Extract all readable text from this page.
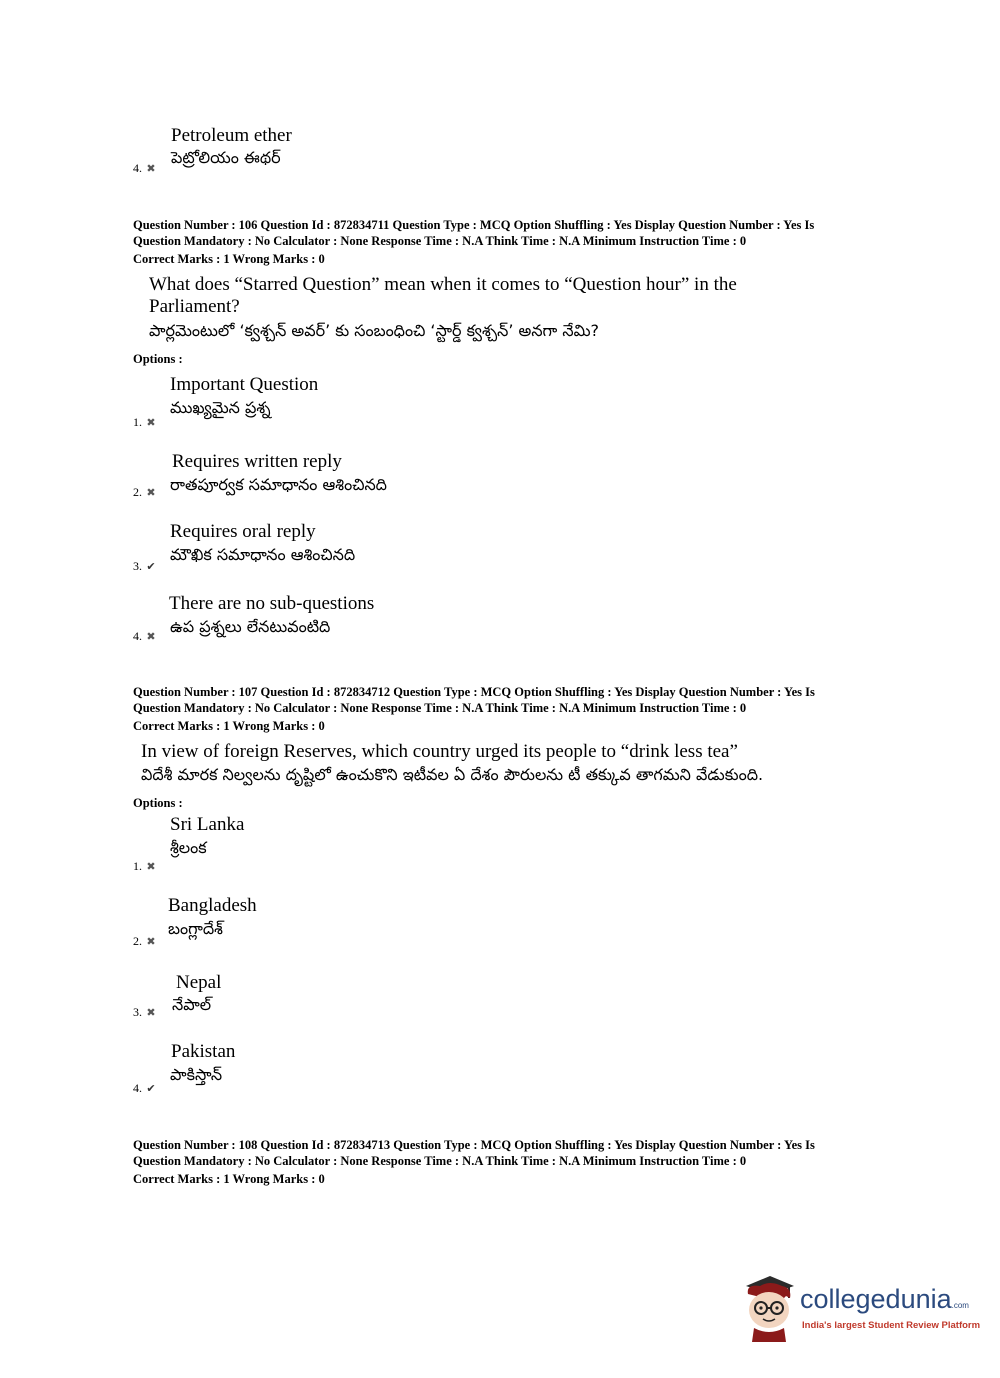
Petroleum ether
పెట్రోలియం ఈథర్
4. ✖
Question Number : 106 Question Id : 872834711 Question Type : MCQ Option Shuffling : Yes Display Question Number : Yes Is
Question Mandatory : No Calculator : None Response Time : N.A Think Time : N.A Minimum Instruction Time : 0
Correct Marks : 1 Wrong Marks : 0
What does “Starred Question” mean when it comes to “Question hour” in the
Parliament?
పార్లమెంటులో ‘క్వశ్చన్ అవర్’ కు సంబంధించి ‘స్టార్డ్ క్వశ్చన్’ అనగా నేమి?
Options :
Important Question
ముఖ్యమైన ప్రశ్న
1. ✖
Requires written reply
రాతపూర్వక సమాధానం ఆశించినది
2. ✖
Requires oral reply
మౌఖిక సమాధానం ఆశించినది
3. ✔
There are no sub-questions
ఉప ప్రశ్నలు లేనటువంటిది
4. ✖
Question Number : 107 Question Id : 872834712 Question Type : MCQ Option Shuffling : Yes Display Question Number : Yes Is
Question Mandatory : No Calculator : None Response Time : N.A Think Time : N.A Minimum Instruction Time : 0
Correct Marks : 1 Wrong Marks : 0
In view of foreign Reserves, which country urged its people to “drink less tea”
విదేశీ మారక నిల్వలను దృష్టిలో ఉంచుకొని ఇటీవల ఏ దేశం పౌరులను టీ తక్కువ తాగమని వేడుకుంది.
Options :
Sri Lanka
శ్రీలంక
1. ✖
Bangladesh
బంగ్లాదేశ్
2. ✖
Nepal
నేపాల్
3. ✖
Pakistan
పాకిస్తాన్
4. ✔
Question Number : 108 Question Id : 872834713 Question Type : MCQ Option Shuffling : Yes Display Question Number : Yes Is
Question Mandatory : No Calculator : None Response Time : N.A Think Time : N.A Minimum Instruction Time : 0
Correct Marks : 1 Wrong Marks : 0
collegedunia.com
India's largest Student Review Platform
